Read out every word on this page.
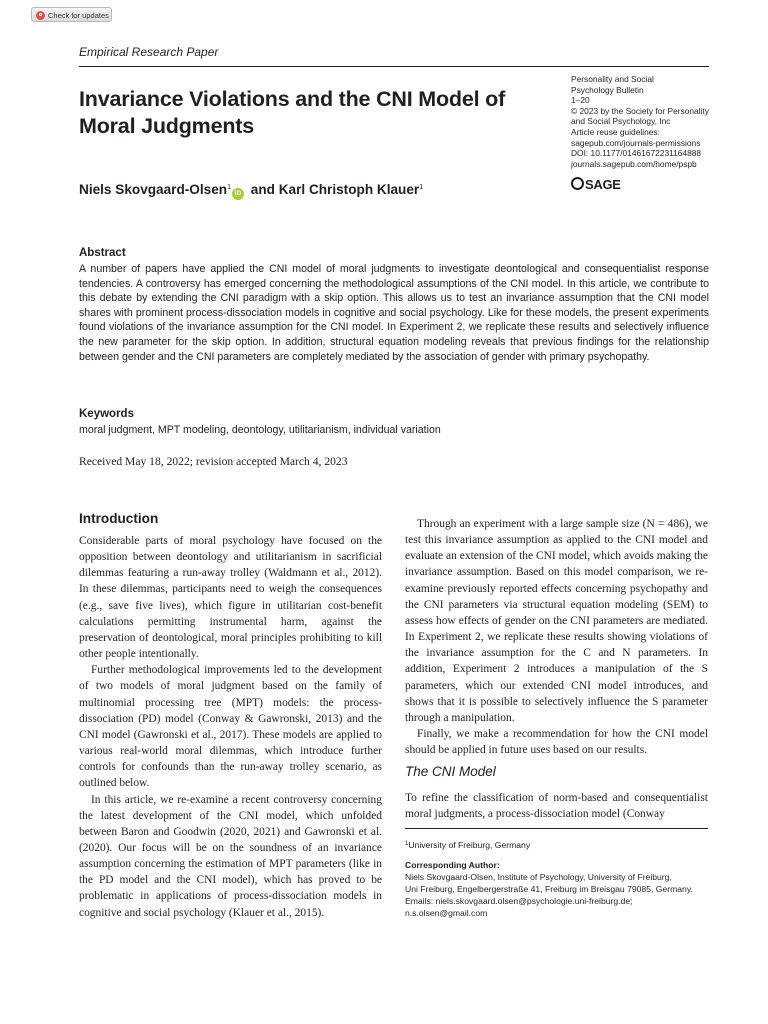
Check for updates
Empirical Research Paper
Invariance Violations and the CNI Model of Moral Judgments
Personality and Social
Psychology Bulletin
1–20
© 2023 by the Society for Personality
and Social Psychology, Inc
Article reuse guidelines:
sagepub.com/journals-permissions
DOI: 10.1177/01461672231164888
journals.sagepub.com/home/pspb
SAGE
Niels Skovgaard-Olsen$^1$iD and Karl Christoph Klauer$^1$
Abstract

A number of papers have applied the CNI model of moral judgments to investigate deontological and consequentialist response tendencies. A controversy has emerged concerning the methodological assumptions of the CNI model. In this article, we contribute to this debate by extending the CNI paradigm with a skip option. This allows us to test an invariance assumption that the CNI model shares with prominent process-dissociation models in cognitive and social psychology. Like for these models, the present experiments found violations of the invariance assumption for the CNI model. In Experiment 2, we replicate these results and selectively influence the new parameter for the skip option. In addition, structural equation modeling reveals that previous findings for the relationship between gender and the CNI parameters are completely mediated by the association of gender with primary psychopathy.

Keywords
moral judgment, MPT modeling, deontology, utilitarianism, individual variation
Received May 18, 2022; revision accepted March 4, 2023
Introduction

Considerable parts of moral psychology have focused on the opposition between deontology and utilitarianism in sacrificial dilemmas featuring a run-away trolley (Waldmann et al., 2012). In these dilemmas, participants need to weigh the consequences (e.g., save five lives), which figure in utilitarian cost-benefit calculations permitting instrumental harm, against the preservation of deontological, moral principles prohibiting to kill other people intentionally.

Further methodological improvements led to the development of two models of moral judgment based on the family of multinomial processing tree (MPT) models: the process-dissociation (PD) model (Conway & Gawronski, 2013) and the CNI model (Gawronski et al., 2017). These models are applied to various real-world moral dilemmas, which introduce further controls for confounds than the run-away trolley scenario, as outlined below.

In this article, we re-examine a recent controversy concerning the latest development of the CNI model, which unfolded between Baron and Goodwin (2020, 2021) and Gawronski et al. (2020). Our focus will be on the soundness of an invariance assumption concerning the estimation of MPT parameters (like in the PD model and the CNI model), which has proved to be problematic in applications of process-dissociation models in cognitive and social psychology (Klauer et al., 2015).

Through an experiment with a large sample size (N = 486), we test this invariance assumption as applied to the CNI model and evaluate an extension of the CNI model, which avoids making the invariance assumption. Based on this model comparison, we re-examine previously reported effects concerning psychopathy and the CNI parameters via structural equation modeling (SEM) to assess how effects of gender on the CNI parameters are mediated. In Experiment 2, we replicate these results showing violations of the invariance assumption for the C and N parameters. In addition, Experiment 2 introduces a manipulation of the S parameters, which our extended CNI model introduces, and shows that it is possible to selectively influence the S parameter through a manipulation.

Finally, we make a recommendation for how the CNI model should be applied in future uses based on our results.

The CNI Model

To refine the classification of norm-based and consequentialist moral judgments, a process-dissociation model (Conway

$^1$University of Freiburg, Germany
Corresponding Author:
Niels Skovgaard-Olsen, Institute of Psychology, University of Freiburg,
Uni Freiburg, Engelbergerstraße 41, Freiburg im Breisgau 79085, Germany.
Emails: niels.skovgaard.olsen@psychologie.uni-freiburg.de;
n.s.olsen@gmail.com
